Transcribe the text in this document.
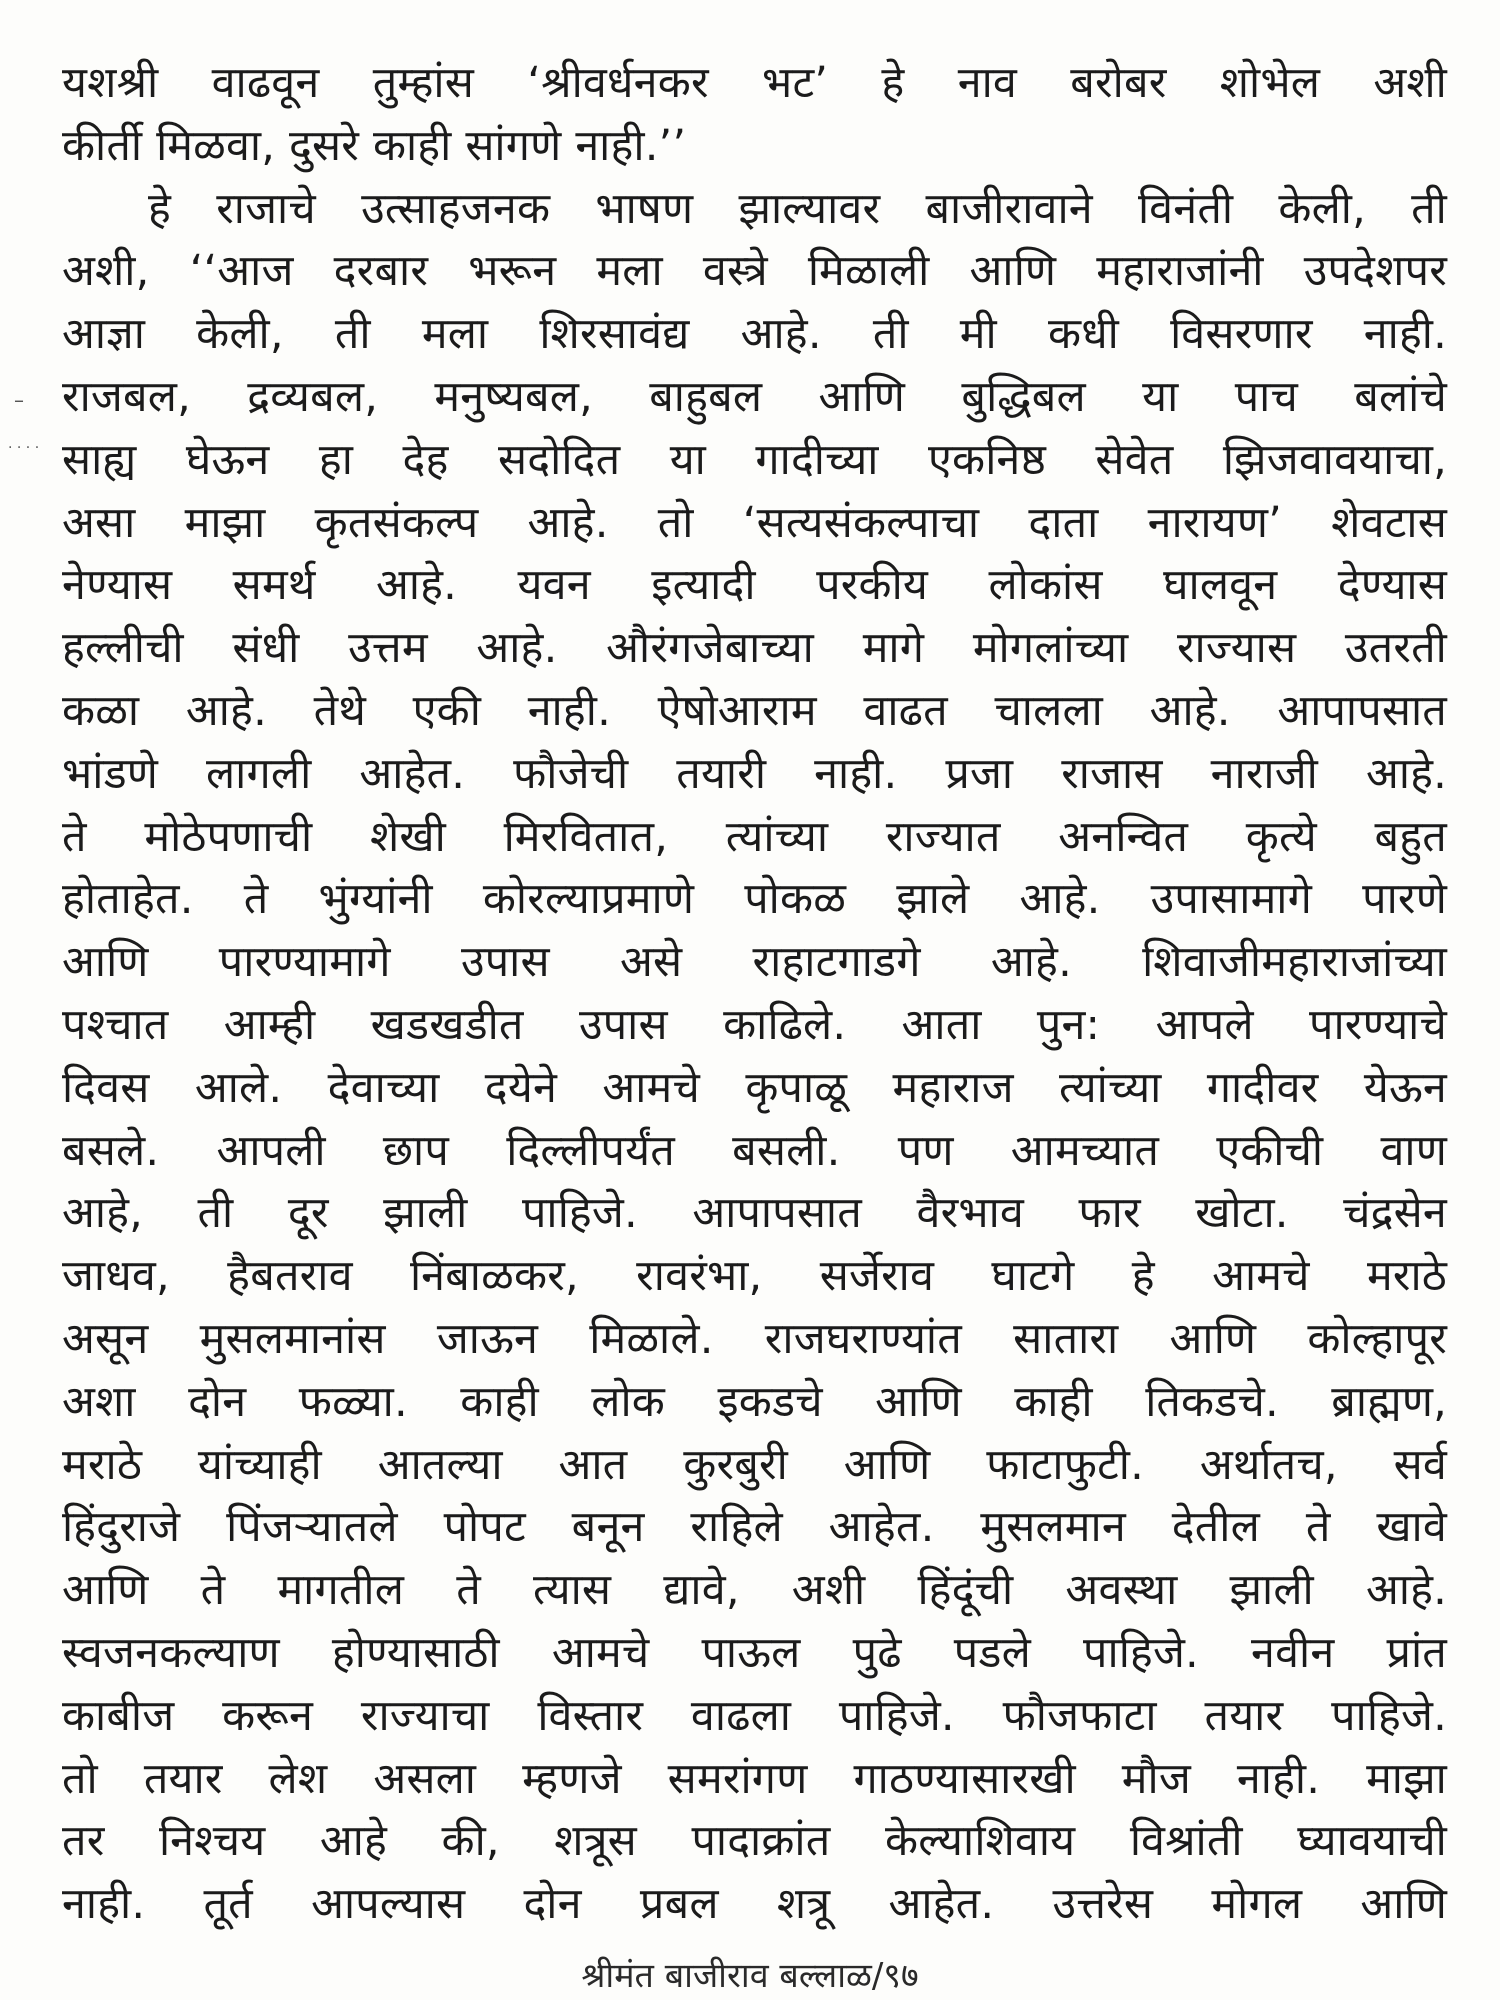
–
· · · ·
यशश्री वाढवून तुम्हांस ‘श्रीवर्धनकर भट’ हे नाव बरोबर शोभेल अशी
कीर्ती मिळवा, दुसरे काही सांगणे नाही.’’
हे राजाचे उत्साहजनक भाषण झाल्यावर बाजीरावाने विनंती केली, ती
अशी, ‘‘आज दरबार भरून मला वस्त्रे मिळाली आणि महाराजांनी उपदेशपर
आज्ञा केली, ती मला शिरसावंद्य आहे. ती मी कधी विसरणार नाही.
राजबल, द्रव्यबल, मनुष्यबल, बाहुबल आणि बुद्धिबल या पाच बलांचे
साह्य घेऊन हा देह सदोदित या गादीच्या एकनिष्ठ सेवेत झिजवावयाचा,
असा माझा कृतसंकल्प आहे. तो ‘सत्यसंकल्पाचा दाता नारायण’ शेवटास
नेण्यास समर्थ आहे. यवन इत्यादी परकीय लोकांस घालवून देण्यास
हल्लीची संधी उत्तम आहे. औरंगजेबाच्या मागे मोगलांच्या राज्यास उतरती
कळा आहे. तेथे एकी नाही. ऐषोआराम वाढत चालला आहे. आपापसात
भांडणे लागली आहेत. फौजेची तयारी नाही. प्रजा राजास नाराजी आहे.
ते मोठेपणाची शेखी मिरवितात, त्यांच्या राज्यात अनन्वित कृत्ये बहुत
होताहेत. ते भुंग्यांनी कोरल्याप्रमाणे पोकळ झाले आहे. उपासामागे पारणे
आणि पारण्यामागे उपास असे राहाटगाडगे आहे. शिवाजीमहाराजांच्या
पश्चात आम्ही खडखडीत उपास काढिले. आता पुन: आपले पारण्याचे
दिवस आले. देवाच्या दयेने आमचे कृपाळू महाराज त्यांच्या गादीवर येऊन
बसले. आपली छाप दिल्लीपर्यंत बसली. पण आमच्यात एकीची वाण
आहे, ती दूर झाली पाहिजे. आपापसात वैरभाव फार खोटा. चंद्रसेन
जाधव, हैबतराव निंबाळकर, रावरंभा, सर्जेराव घाटगे हे आमचे मराठे
असून मुसलमानांस जाऊन मिळाले. राजघराण्यांत सातारा आणि कोल्हापूर
अशा दोन फळ्या. काही लोक इकडचे आणि काही तिकडचे. ब्राह्मण,
मराठे यांच्याही आतल्या आत कुरबुरी आणि फाटाफुटी. अर्थातच, सर्व
हिंदुराजे पिंजऱ्यातले पोपट बनून राहिले आहेत. मुसलमान देतील ते खावे
आणि ते मागतील ते त्यास द्यावे, अशी हिंदूंची अवस्था झाली आहे.
स्वजनकल्याण होण्यासाठी आमचे पाऊल पुढे पडले पाहिजे. नवीन प्रांत
काबीज करून राज्याचा विस्तार वाढला पाहिजे. फौजफाटा तयार पाहिजे.
तो तयार लेश असला म्हणजे समरांगण गाठण्यासारखी मौज नाही. माझा
तर निश्चय आहे की, शत्रूस पादाक्रांत केल्याशिवाय विश्रांती घ्यावयाची
नाही. तूर्त आपल्यास दोन प्रबल शत्रू आहेत. उत्तरेस मोगल आणि
श्रीमंत बाजीराव बल्लाळ/९७
